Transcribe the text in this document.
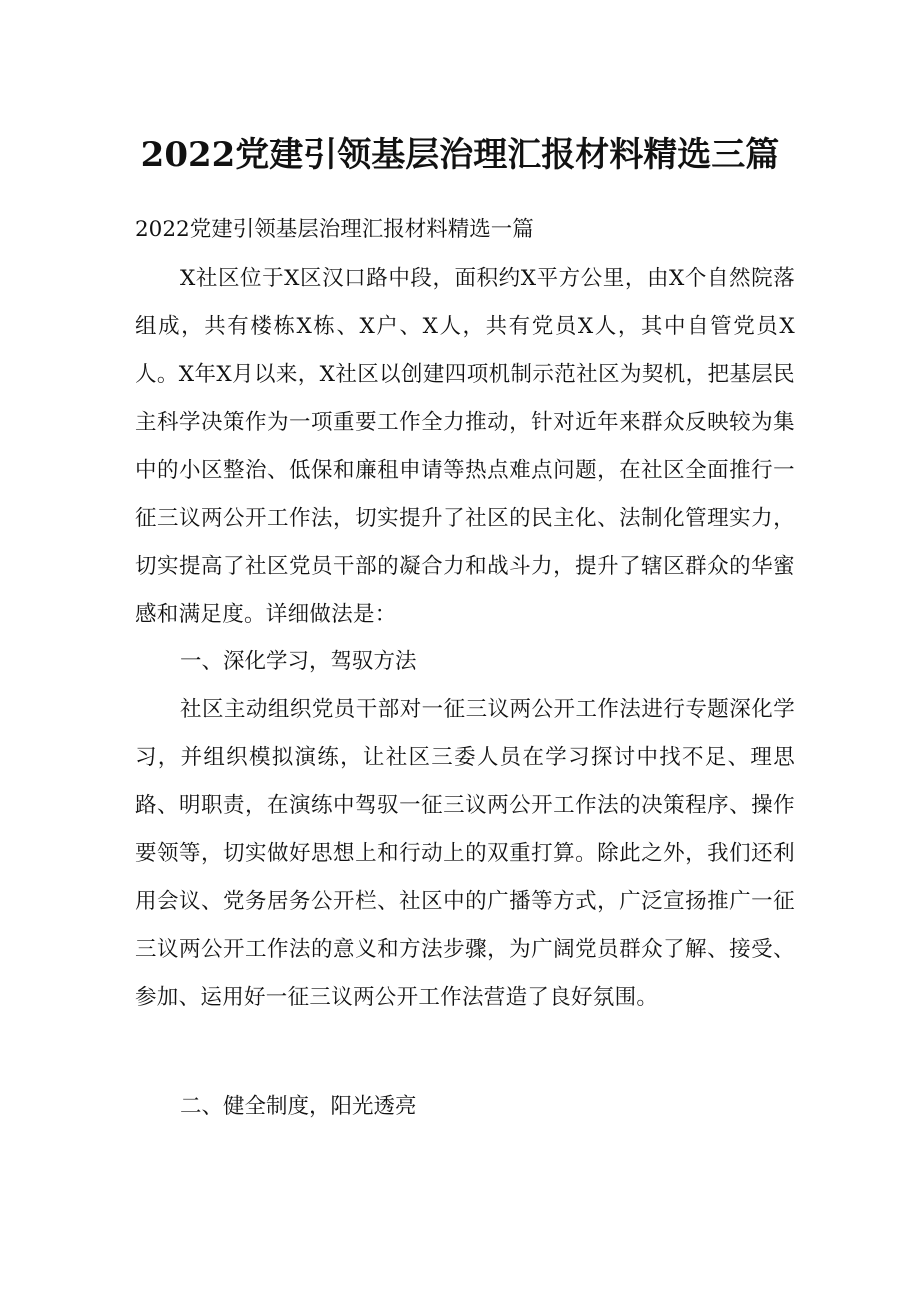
2022党建引领基层治理汇报材料精选三篇
2022党建引领基层治理汇报材料精选一篇
X社区位于X区汉口路中段，面积约X平方公里，由X个自然院落组成，共有楼栋X栋、X户、X人，共有党员X人，其中自管党员X人。X年X月以来，X社区以创建四项机制示范社区为契机，把基层民主科学决策作为一项重要工作全力推动，针对近年来群众反映较为集中的小区整治、低保和廉租申请等热点难点问题，在社区全面推行一征三议两公开工作法，切实提升了社区的民主化、法制化管理实力，切实提高了社区党员干部的凝合力和战斗力，提升了辖区群众的华蜜感和满足度。详细做法是：
一、深化学习，驾驭方法
社区主动组织党员干部对一征三议两公开工作法进行专题深化学习，并组织模拟演练，让社区三委人员在学习探讨中找不足、理思路、明职责，在演练中驾驭一征三议两公开工作法的决策程序、操作要领等，切实做好思想上和行动上的双重打算。除此之外，我们还利用会议、党务居务公开栏、社区中的广播等方式，广泛宣扬推广一征三议两公开工作法的意义和方法步骤，为广阔党员群众了解、接受、参加、运用好一征三议两公开工作法营造了良好氛围。
二、健全制度，阳光透亮
